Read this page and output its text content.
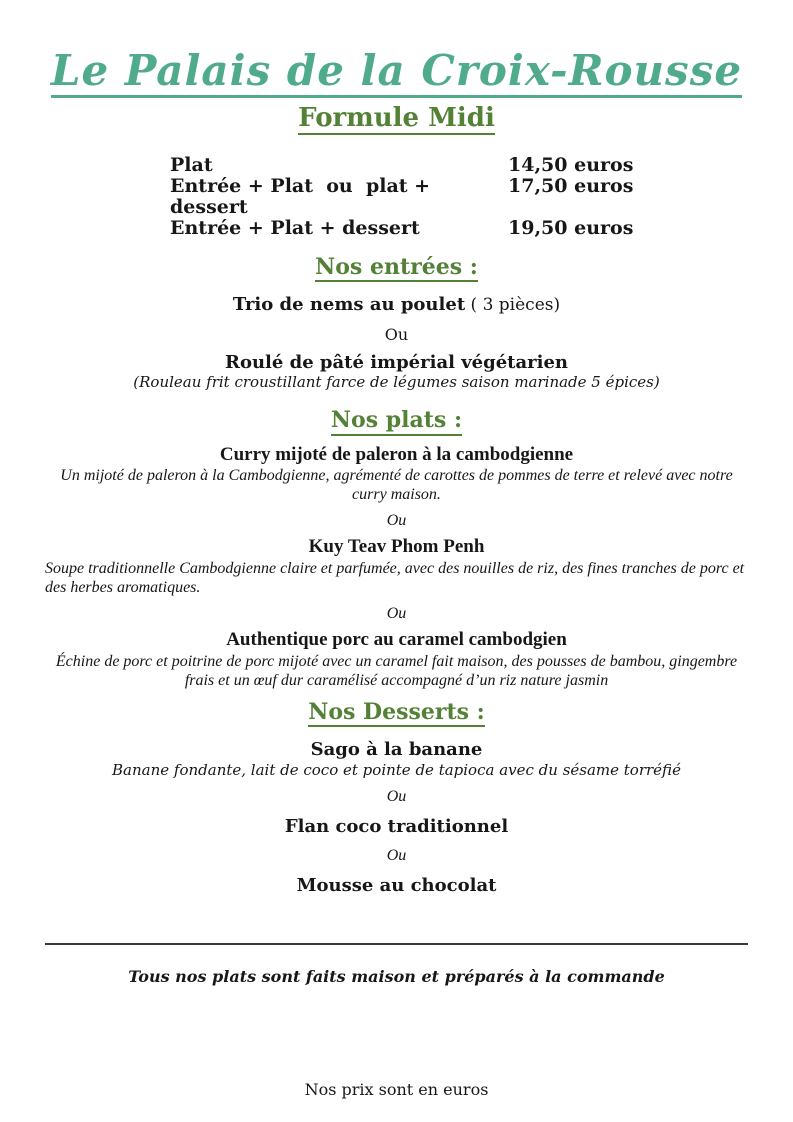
Le Palais de la Croix-Rousse
Formule Midi
Plat	14,50 euros
Entrée + Plat  ou  plat + dessert
17,50 euros
Entrée + Plat + dessert	19,50 euros
Nos entrées :
Trio de nems au poulet ( 3 pièces)
Ou
Roulé de pâté impérial végétarien
(Rouleau frit croustillant farce de légumes saison marinade 5 épices)
Nos plats :
Curry mijoté de paleron à la cambodgienne
Un mijoté de paleron à la Cambodgienne, agrémenté de carottes de pommes de terre et relevé avec notre curry maison.
Ou
Kuy Teav Phom Penh
Soupe traditionnelle Cambodgienne claire et parfumée, avec des nouilles de riz, des fines tranches de porc et des herbes aromatiques.
Ou
Authentique porc au caramel cambodgien
Échine de porc et poitrine de porc mijoté avec un caramel fait maison, des pousses de bambou, gingembre frais et un œuf dur caramélisé accompagné d’un riz nature jasmin
Nos Desserts :
Sago à la banane
Banane fondante, lait de coco et pointe de tapioca avec du sésame torréfié
Ou
Flan coco traditionnel
Ou
Mousse au chocolat
Tous nos plats sont faits maison et préparés à la commande
Nos prix sont en euros
